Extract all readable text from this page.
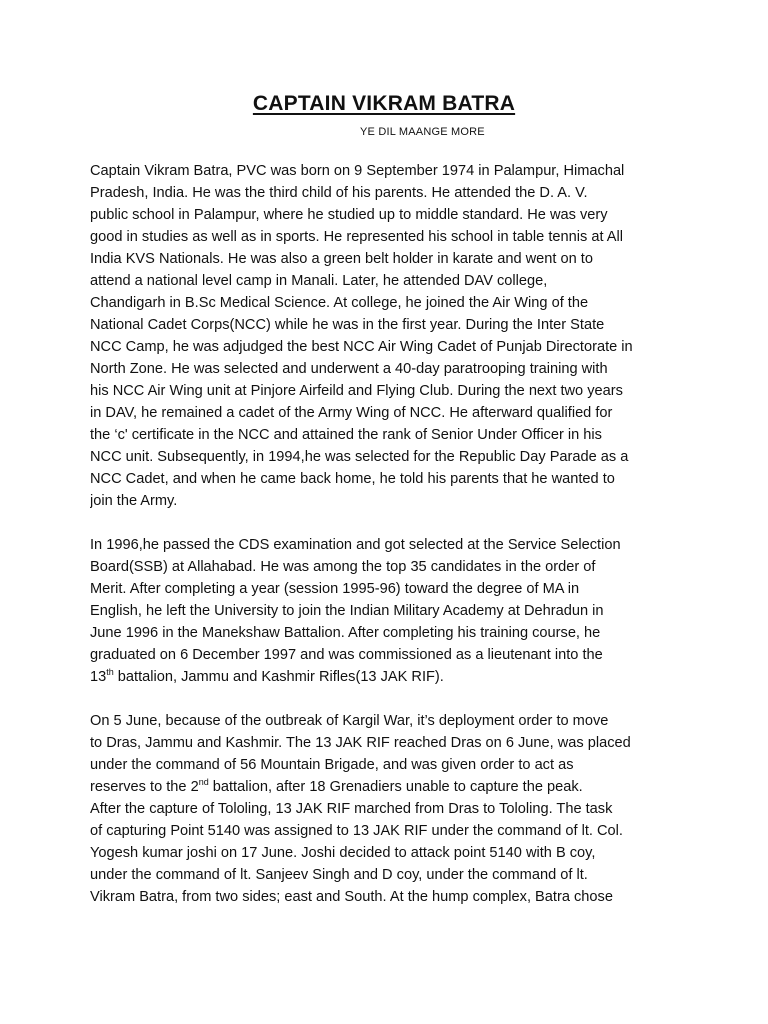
CAPTAIN VIKRAM BATRA
YE DIL MAANGE MORE
Captain Vikram Batra, PVC was born on 9 September 1974 in Palampur, Himachal
Pradesh, India. He was the third child of his parents. He attended the D. A. V.
public school in Palampur, where he studied up to middle standard. He was very
good in studies as well as in sports. He represented his school in table tennis at All
India KVS Nationals. He was also a green belt holder in karate and went on to
attend a national level camp in Manali. Later, he attended DAV college,
Chandigarh in B.Sc Medical Science. At college, he joined the Air Wing of the
National Cadet Corps(NCC) while he was in the first year. During the Inter State
NCC Camp, he was adjudged the best NCC Air Wing Cadet of Punjab Directorate in
North Zone. He was selected and underwent a 40-day paratrooping training with
his NCC Air Wing unit at Pinjore Airfeild and Flying Club. During the next two years
in DAV, he remained a cadet of the Army Wing of NCC. He afterward qualified for
the ‘c' certificate in the NCC and attained the rank of Senior Under Officer in his
NCC unit. Subsequently, in 1994,he was selected for the Republic Day Parade as a
NCC Cadet, and when he came back home, he told his parents that he wanted to
join the Army.
In 1996,he passed the CDS examination and got selected at the Service Selection
Board(SSB) at Allahabad. He was among the top 35 candidates in the order of
Merit. After completing a year (session 1995-96) toward the degree of MA in
English, he left the University to join the Indian Military Academy at Dehradun in
June 1996 in the Manekshaw Battalion. After completing his training course, he
graduated on 6 December 1997 and was commissioned as a lieutenant into the
13th battalion, Jammu and Kashmir Rifles(13 JAK RIF).
On 5 June, because of the outbreak of Kargil War, it’s deployment order to move
to Dras, Jammu and Kashmir. The 13 JAK RIF reached Dras on 6 June, was placed
under the command of 56 Mountain Brigade, and was given order to act as
reserves to the 2nd battalion, after 18 Grenadiers unable to capture the peak.
After the capture of Tololing, 13 JAK RIF marched from Dras to Tololing. The task
of capturing Point 5140 was assigned to 13 JAK RIF under the command of lt. Col.
Yogesh kumar joshi on 17 June. Joshi decided to attack point 5140 with B coy,
under the command of lt. Sanjeev Singh and D coy, under the command of lt.
Vikram Batra, from two sides; east and South. At the hump complex, Batra chose
